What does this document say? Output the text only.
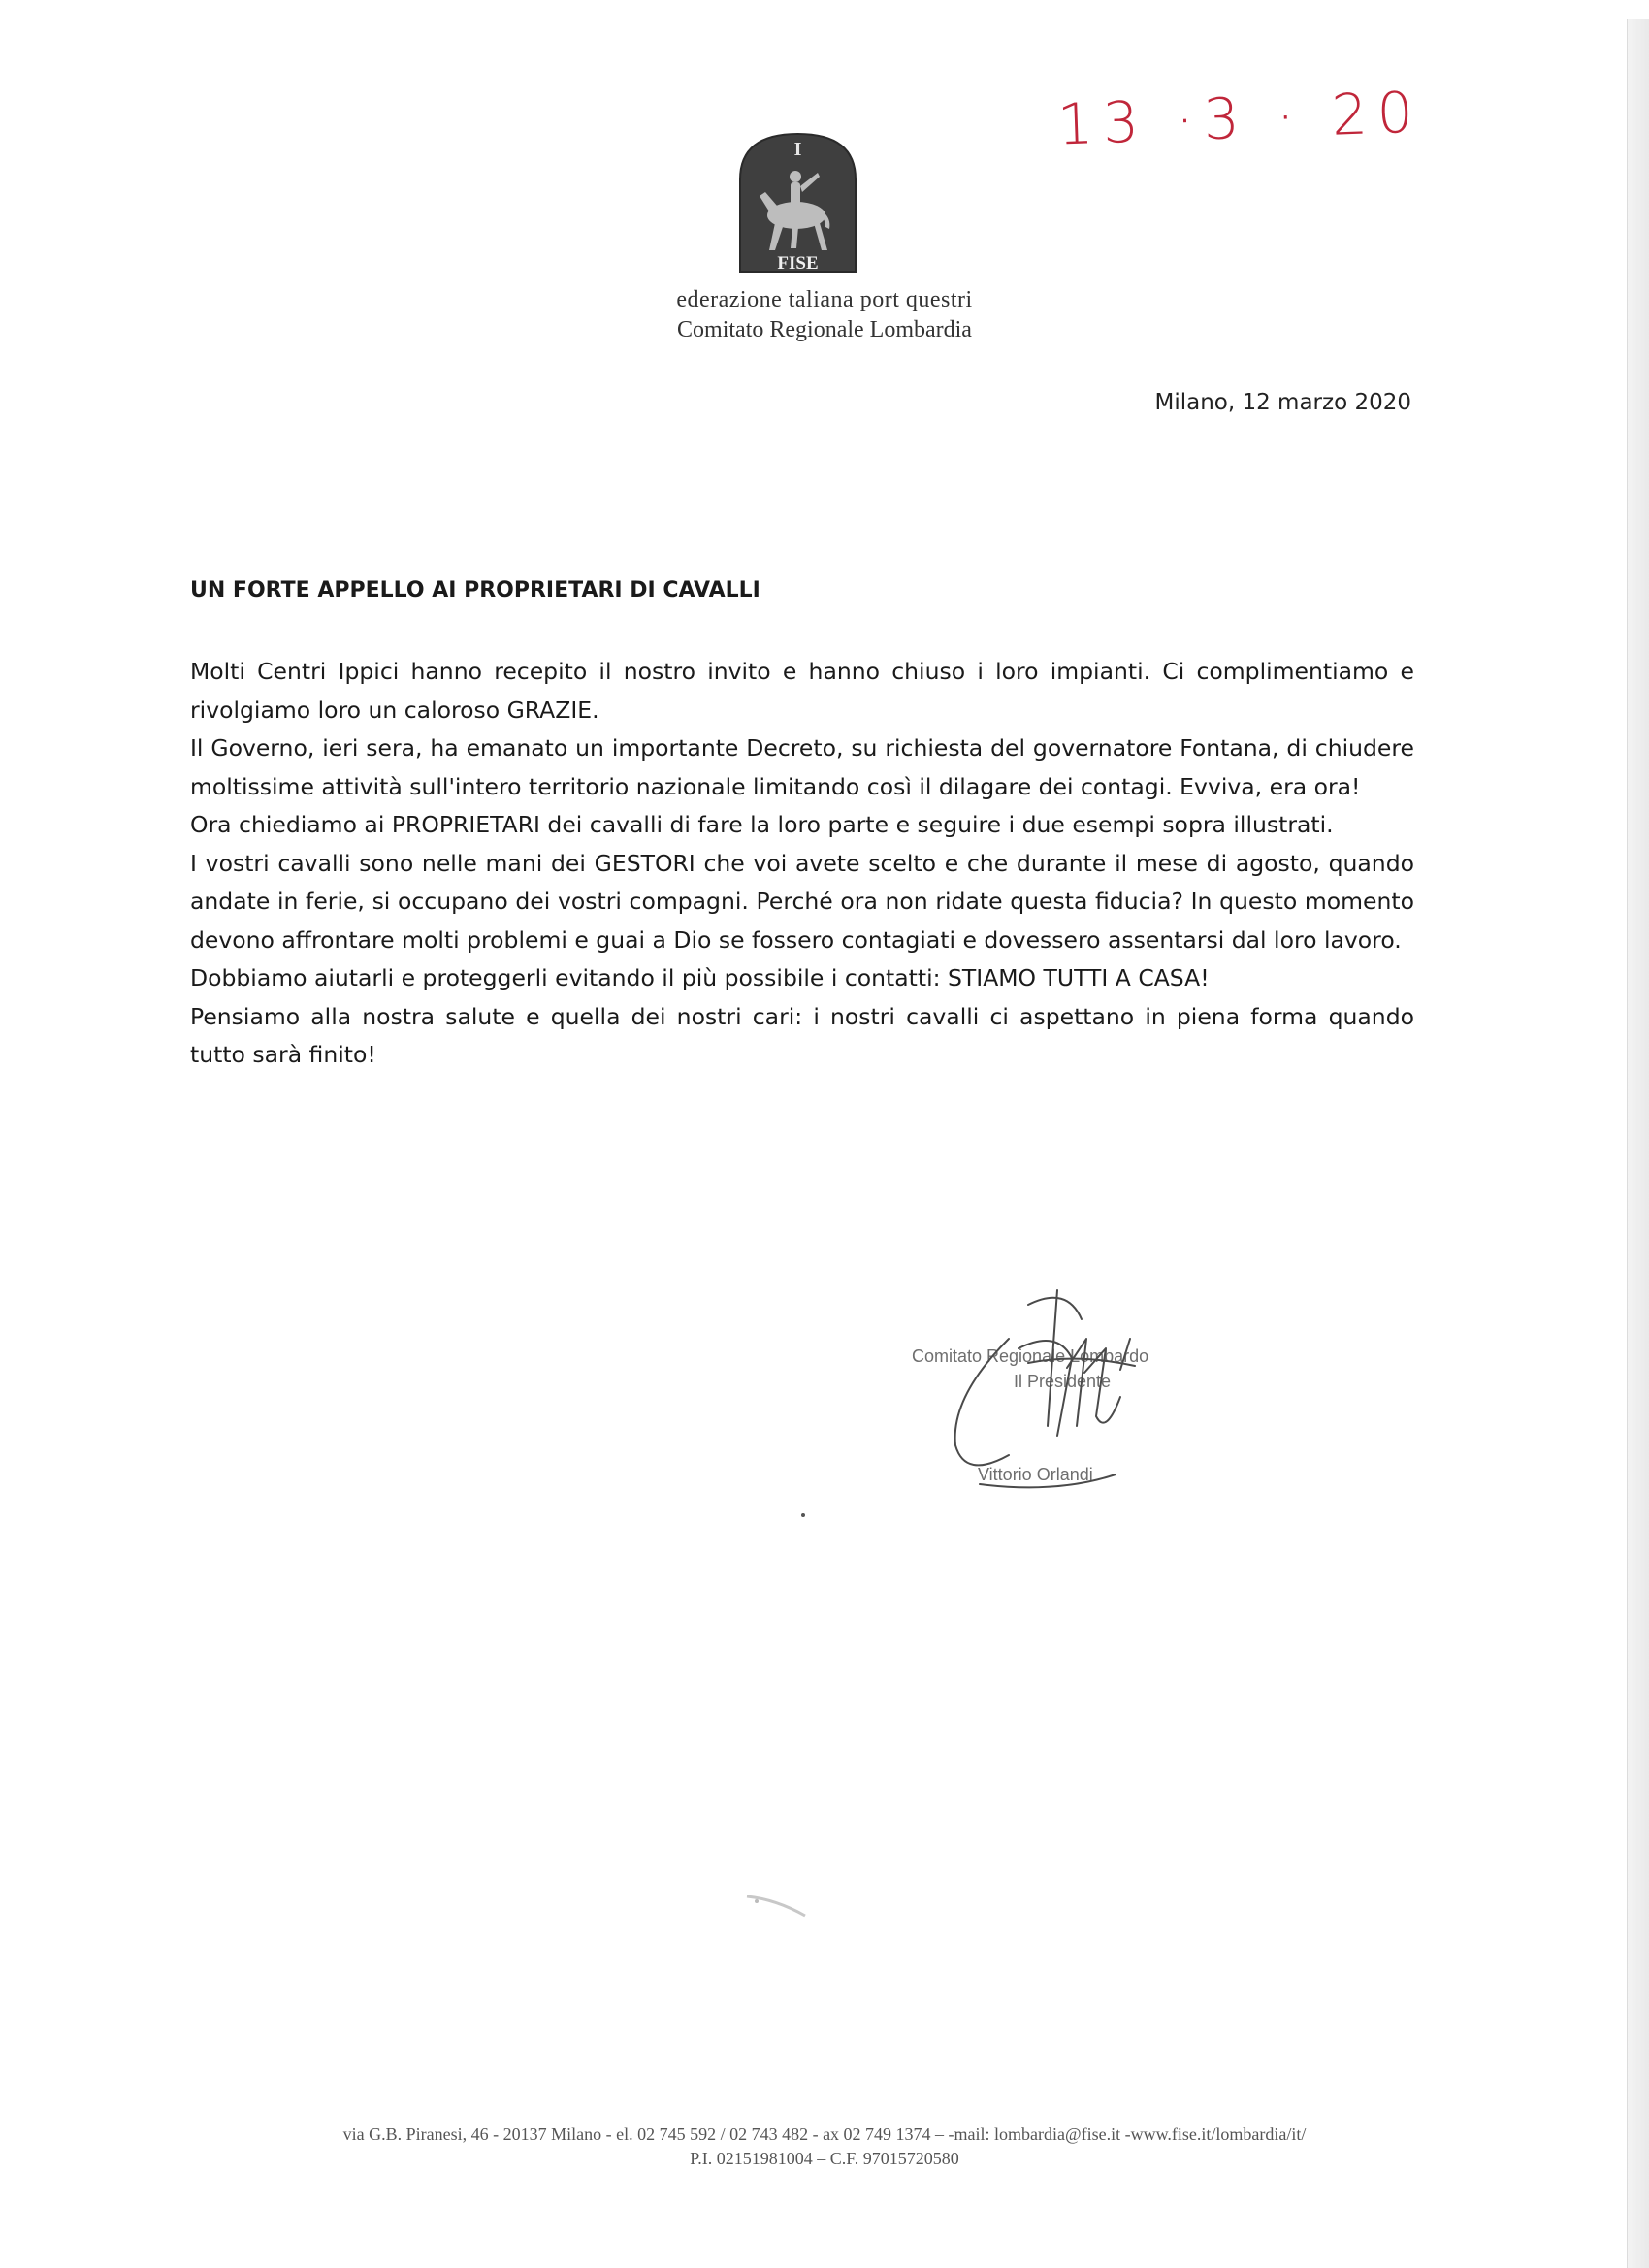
13 ·3 · 20
I
FISE
ederazione taliana port questri
Comitato Regionale Lombardia
Milano, 12 marzo 2020
UN FORTE APPELLO AI PROPRIETARI DI CAVALLI

Molti Centri Ippici hanno recepito il nostro invito e hanno chiuso i loro impianti. Ci complimentiamo e rivolgiamo loro un caloroso GRAZIE.

Il Governo, ieri sera, ha emanato un importante Decreto, su richiesta del governatore Fontana, di chiudere moltissime attività sull'intero territorio nazionale limitando così il dilagare dei contagi. Evviva, era ora!

Ora chiediamo ai PROPRIETARI dei cavalli di fare la loro parte e seguire i due esempi sopra illustrati.

I vostri cavalli sono nelle mani dei GESTORI che voi avete scelto e che durante il mese di agosto, quando andate in ferie, si occupano dei vostri compagni. Perché ora non ridate questa fiducia? In questo momento devono affrontare molti problemi e guai a Dio se fossero contagiati e dovessero assentarsi dal loro lavoro.

Dobbiamo aiutarli e proteggerli evitando il più possibile i contatti: STIAMO TUTTI A CASA!

Pensiamo alla nostra salute e quella dei nostri cari: i nostri cavalli ci aspettano in piena forma quando tutto sarà finito!

Comitato Regionale Lombardo
Il Presidente
Vittorio Orlandi
via G.B. Piranesi, 46 - 20137 Milano - el. 02 745 592 / 02 743 482 - ax 02 749 1374 – -mail: lombardia@fise.it -www.fise.it/lombardia/it/
P.I. 02151981004 – C.F. 97015720580
